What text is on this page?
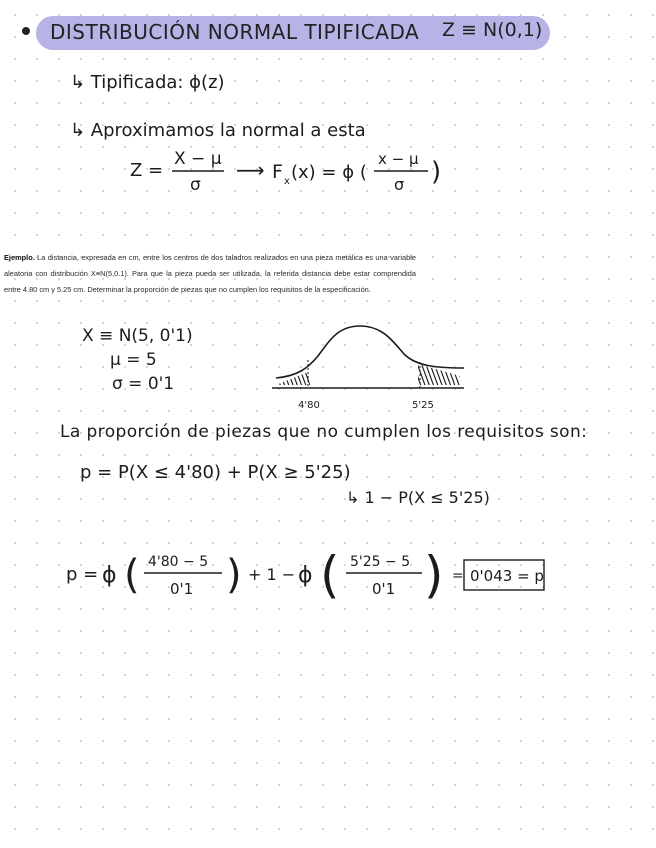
DISTRIBUCIÓN NORMAL TIPIFICADA Z ≡ N(0,1)
↳ Tipificada: ϕ(z)
↳ Aproximamos la normal a esta
Z =
X − μ
σ
⟶ F x (x) = ϕ (
x − μ
σ )
Ejemplo. La distancia, expresada en cm, entre los centros de dos taladros realizados en una pieza metálica es una variable aleatoria con distribución X≡N(5,0.1). Para que la pieza pueda ser utilizada, la referida distancia debe estar comprendida entre 4.80 cm y 5.25 cm. Determinar la proporción de piezas que no cumplen los requisitos de la especificación.
X ≡ N(5, 0'1)
μ = 5
σ = 0'1
4'80	5'25
La proporción de piezas que no cumplen los requisitos son:
p = P(X ≤ 4'80) + P(X ≥ 5'25)
↳ 1 − P(X ≤ 5'25)
p = ϕ ( 4'80 − 5
0'1 ) + 1 − ϕ ( 5'25 − 5
0'1 ) = 0'043 = p
